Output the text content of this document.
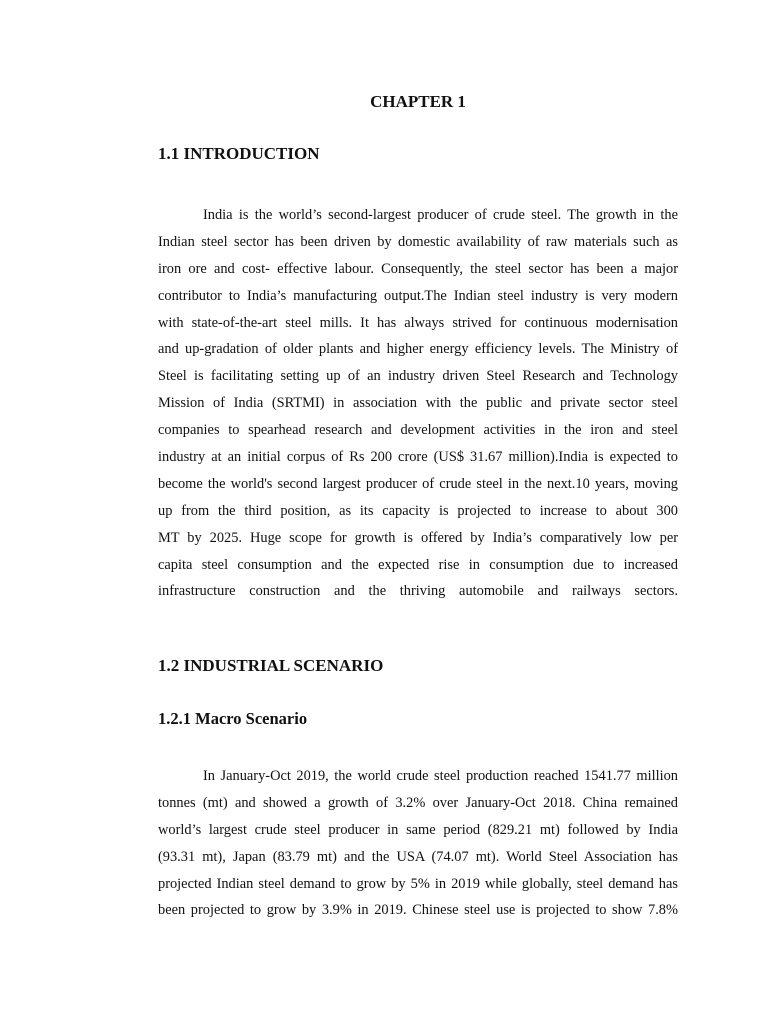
CHAPTER 1
1.1 INTRODUCTION
India is the world’s second-largest producer of crude steel. The growth in the
Indian steel sector has been driven by domestic availability of raw materials such as
iron ore and cost- effective labour. Consequently, the steel sector has been a major
contributor to India’s manufacturing output.The Indian steel industry is very modern
with state-of-the-art steel mills. It has always strived for continuous modernisation
and up-gradation of older plants and higher energy efficiency levels. The Ministry of
Steel is facilitating setting up of an industry driven Steel Research and Technology
Mission of India (SRTMI) in association with the public and private sector steel
companies to spearhead research and development activities in the iron and steel
industry at an initial corpus of Rs 200 crore (US$ 31.67 million).India is expected to
become the world's second largest producer of crude steel in the next.10 years, moving
up from the third position, as its capacity is projected to increase to about 300
MT by 2025. Huge scope for growth is offered by India’s comparatively low per
capita steel consumption and the expected rise in consumption due to increased
infrastructure construction and the thriving automobile and railways sectors.
1.2 INDUSTRIAL SCENARIO
1.2.1 Macro Scenario
In January-Oct 2019, the world crude steel production reached 1541.77 million
tonnes (mt) and showed a growth of 3.2% over January-Oct 2018. China remained
world’s largest crude steel producer in same period (829.21 mt) followed by India
(93.31 mt), Japan (83.79 mt) and the USA (74.07 mt). World Steel Association has
projected Indian steel demand to grow by 5% in 2019 while globally, steel demand has
been projected to grow by 3.9% in 2019. Chinese steel use is projected to show 7.8%
